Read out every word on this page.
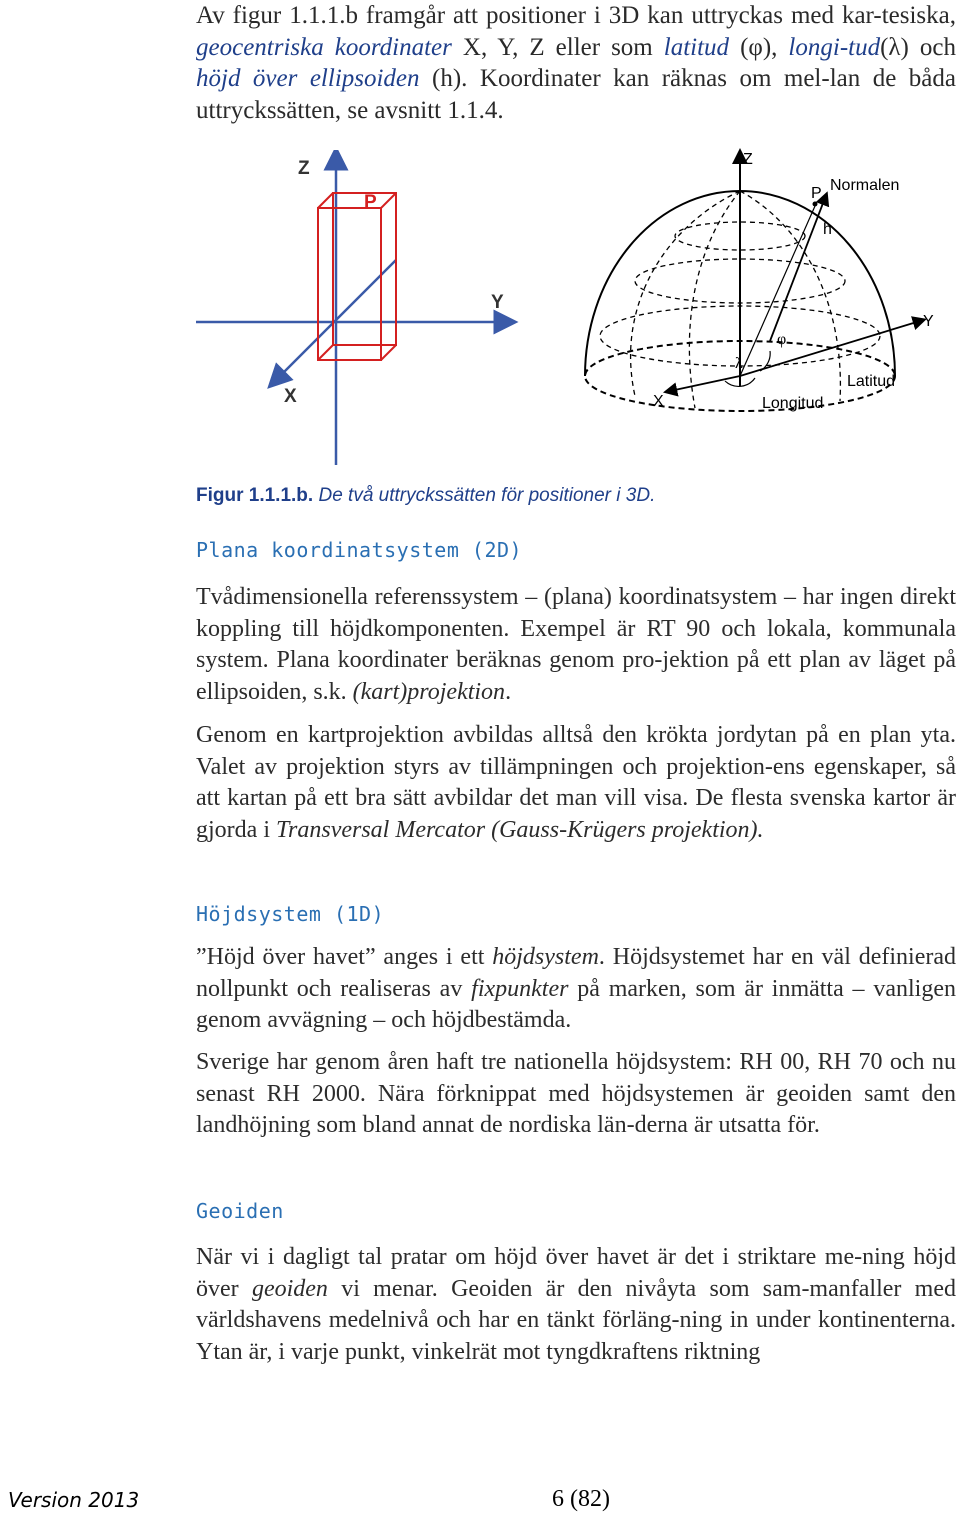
Av figur 1.1.1.b framgår att positioner i 3D kan uttryckas med kar-tesiska, geocentriska koordinater X, Y, Z eller som latitud (φ), longi-tud(λ) och höjd över ellipsoiden (h). Koordinater kan räknas om mel-lan de båda uttryckssätten, se avsnitt 1.1.4.
Z
P
Y
X
Z
P Normalen
h
Y
φ
λ
Latitud
X	Longitud
Figur 1.1.1.b. De två uttryckssätten för positioner i 3D.
Plana koordinatsystem (2D)
Tvådimensionella referenssystem – (plana) koordinatsystem – har ingen direkt koppling till höjdkomponenten. Exempel är RT 90 och lokala, kommunala system. Plana koordinater beräknas genom pro-jektion på ett plan av läget på ellipsoiden, s.k. (kart)projektion.
Genom en kartprojektion avbildas alltså den krökta jordytan på en plan yta. Valet av projektion styrs av tillämpningen och projektion-ens egenskaper, så att kartan på ett bra sätt avbildar det man vill visa. De flesta svenska kartor är gjorda i Transversal Mercator (Gauss-Krügers projektion).
Höjdsystem (1D)
”Höjd över havet” anges i ett höjdsystem. Höjdsystemet har en väl definierad nollpunkt och realiseras av fixpunkter på marken, som är inmätta – vanligen genom avvägning – och höjdbestämda.
Sverige har genom åren haft tre nationella höjdsystem: RH 00, RH 70 och nu senast RH 2000. Nära förknippat med höjdsystemen är geoiden samt den landhöjning som bland annat de nordiska län-derna är utsatta för.
Geoiden
När vi i dagligt tal pratar om höjd över havet är det i striktare me-ning höjd över geoiden vi menar. Geoiden är den nivåyta som sam-manfaller med världshavens medelnivå och har en tänkt förläng-ning in under kontinenterna. Ytan är, i varje punkt, vinkelrät mot tyngdkraftens riktning
Version 2013	6 (82)
